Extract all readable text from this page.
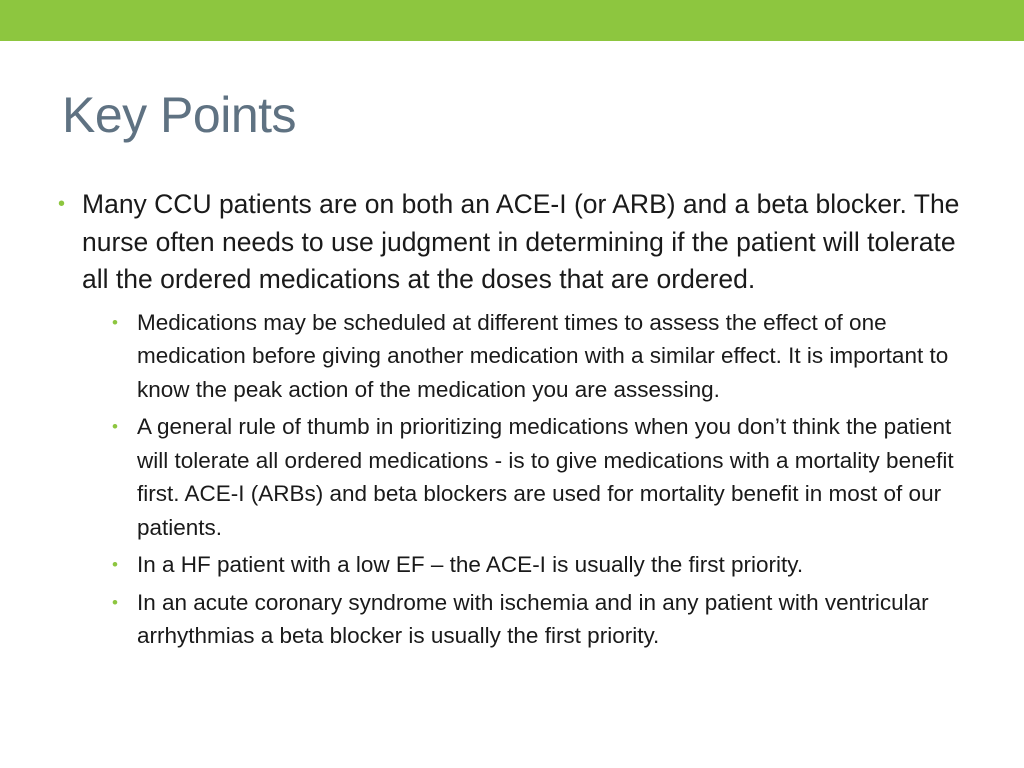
Key Points
• Many CCU patients are on both an ACE-I (or ARB) and a beta blocker. The nurse often needs to use judgment in determining if the patient will tolerate all the ordered medications at the doses that are ordered.
• Medications may be scheduled at different times to assess the effect of one medication before giving another medication with a similar effect. It is important to know the peak action of the medication you are assessing.
• A general rule of thumb in prioritizing medications when you don’t think the patient will tolerate all ordered medications - is to give medications with a mortality benefit first. ACE-I (ARBs) and beta blockers are used for mortality benefit in most of our patients.
• In a HF patient with a low EF – the ACE-I is usually the first priority.
• In an acute coronary syndrome with ischemia and in any patient with ventricular arrhythmias a beta blocker is usually the first priority.
